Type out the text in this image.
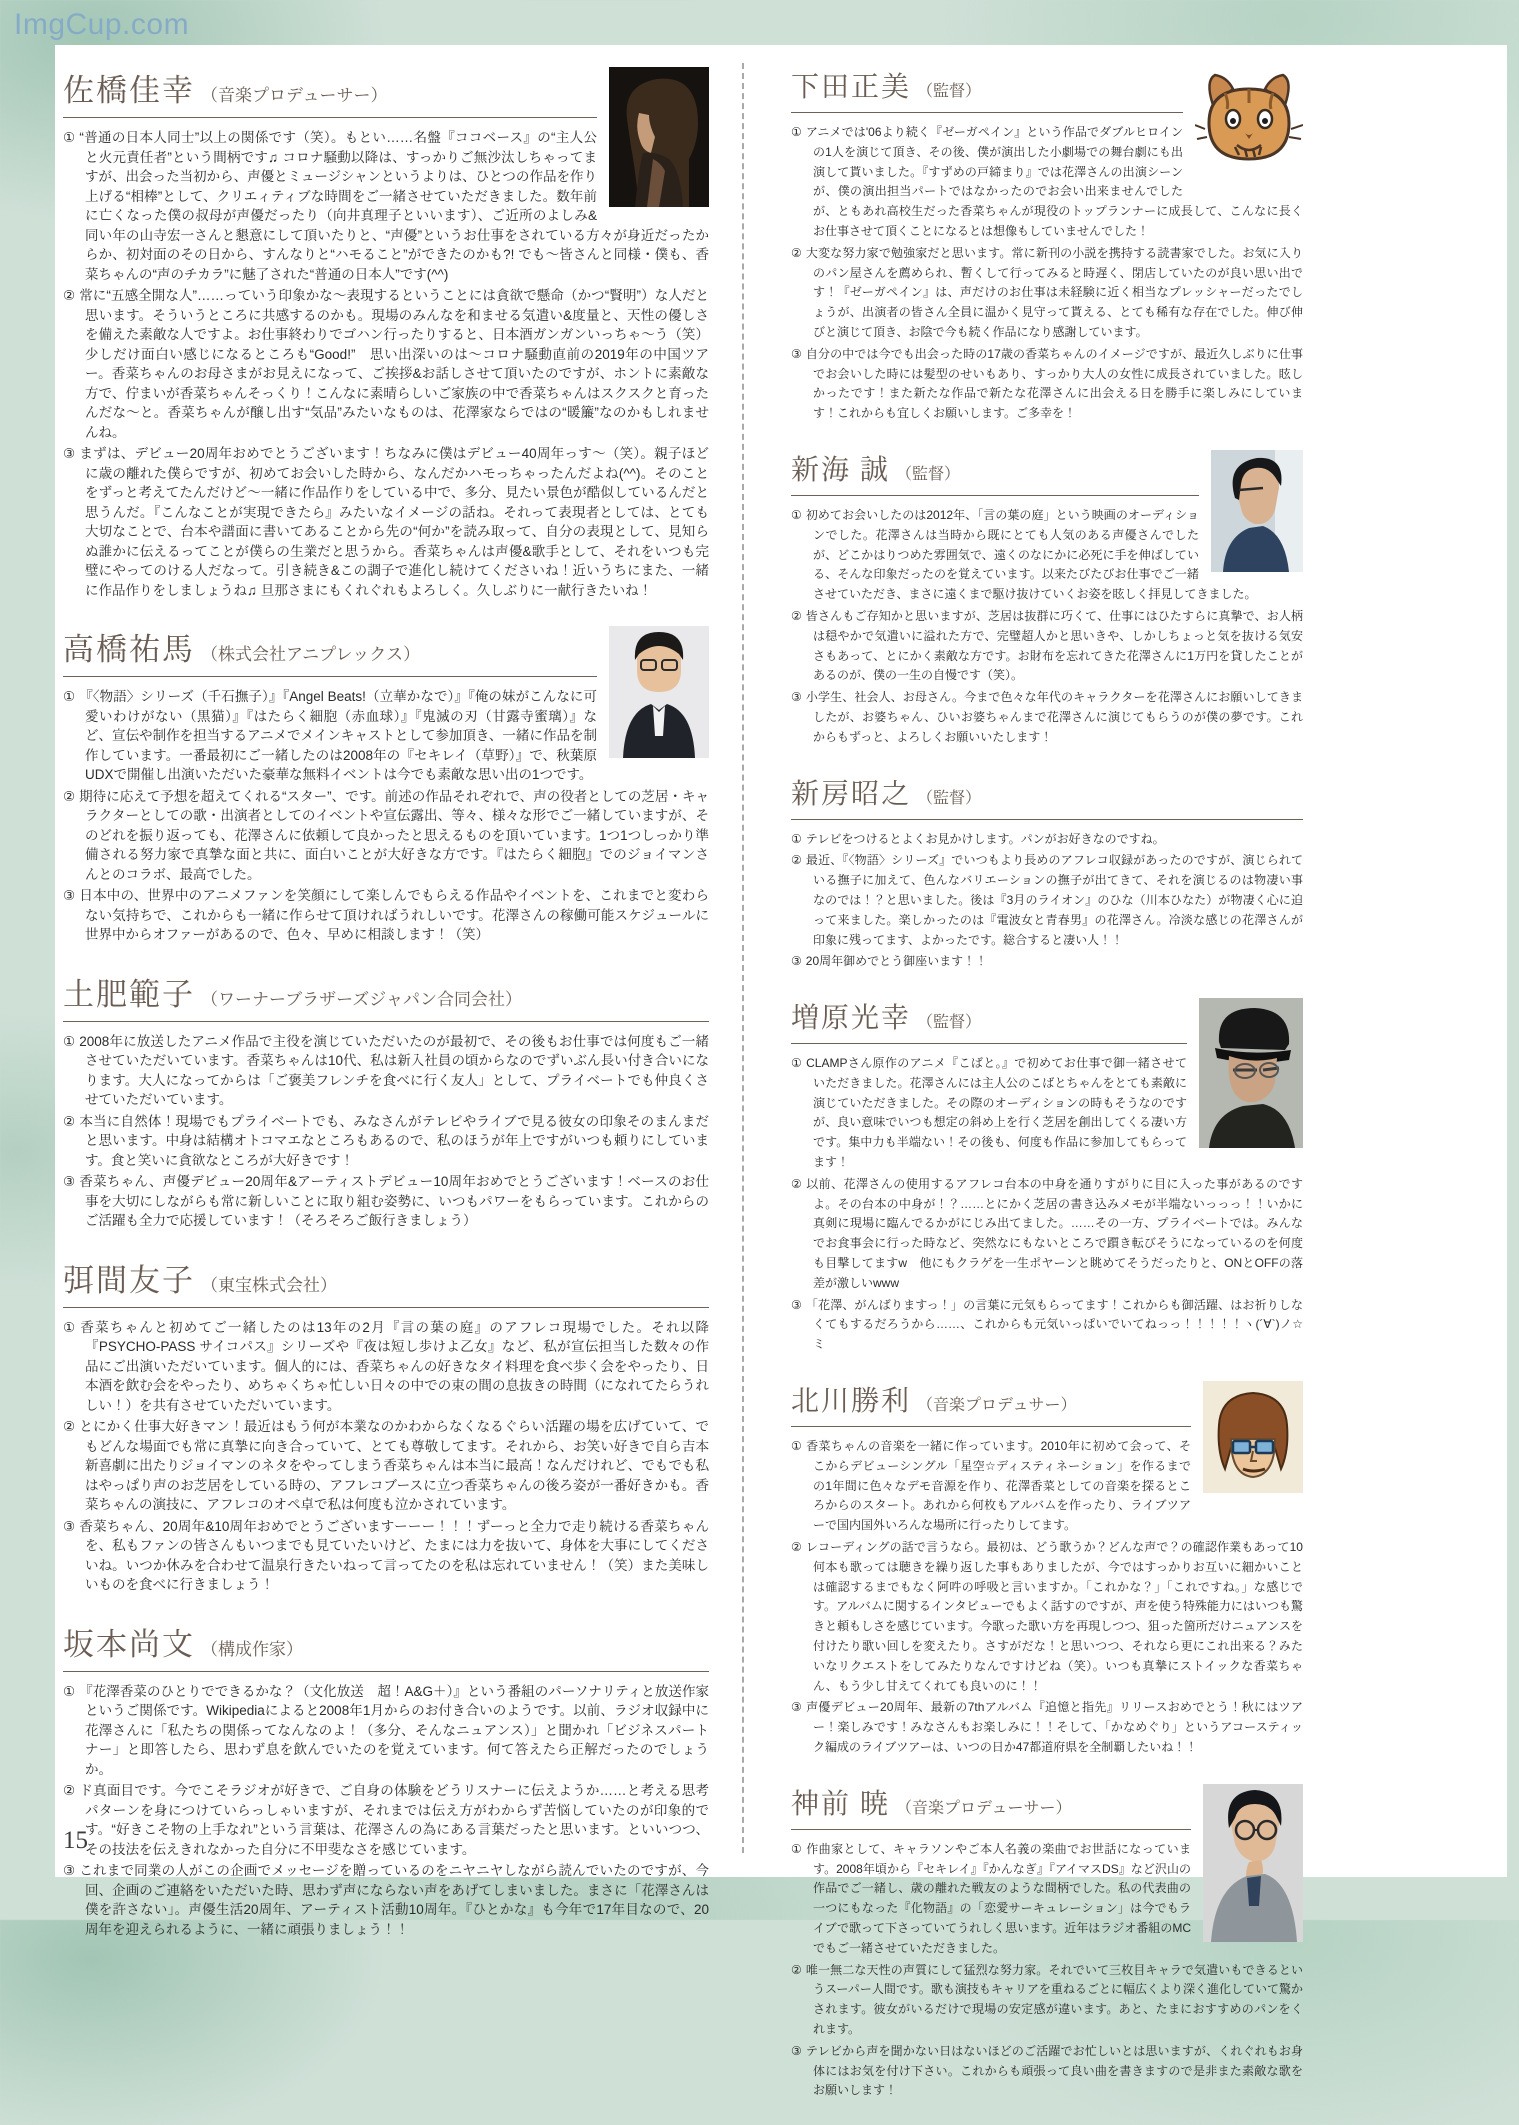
ImgCup.com
佐橋佳幸 （音楽プロデューサー）

① “普通の日本人同士”以上の関係です（笑）。もとい……名盤『ココベース』の“主人公と火元責任者”という間柄です♫ コロナ騒動以降は、すっかりご無沙汰しちゃってますが、出会った当初から、声優とミュージシャンというよりは、ひとつの作品を作り上げる“相棒”として、クリエィティブな時間をご一緒させていただきました。数年前に亡くなった僕の叔母が声優だったり（向井真理子といいます）、ご近所のよしみ&同い年の山寺宏一さんと懇意にして頂いたりと、“声優”というお仕事をされている方々が身近だったからか、初対面のその日から、すんなりと“ハモること”ができたのかも?! でも〜皆さんと同様・僕も、香菜ちゃんの“声のチカラ”に魅了された“普通の日本人”です(^^)

② 常に“五感全開な人”……っていう印象かな〜表現するということには貪欲で懸命（かつ“賢明”）な人だと思います。そういうところに共感するのかも。現場のみんなを和ませる気遣い&度量と、天性の優しさを備えた素敵な人ですよ。お仕事終わりでゴハン行ったりすると、日本酒ガンガンいっちゃ〜う（笑）少しだけ面白い感じになるところも“Good!”　思い出深いのは〜コロナ騒動直前の2019年の中国ツアー。香菜ちゃんのお母さまがお見えになって、ご挨拶&お話しさせて頂いたのですが、ホントに素敵な方で、佇まいが香菜ちゃんそっくり！こんなに素晴らしいご家族の中で香菜ちゃんはスクスクと育ったんだな〜と。香菜ちゃんが醸し出す“気品”みたいなものは、花澤家ならではの“暖簾”なのかもしれませんね。

③ まずは、デビュー20周年おめでとうございます！ちなみに僕はデビュー40周年っす〜（笑）。親子ほどに歳の離れた僕らですが、初めてお会いした時から、なんだかハモっちゃったんだよね(^^)。そのことをずっと考えてたんだけど〜一緒に作品作りをしている中で、多分、見たい景色が酷似しているんだと思うんだ。『こんなことが実現できたら』みたいなイメージの話ね。それって表現者としては、とても大切なことで、台本や譜面に書いてあることから先の“何か”を読み取って、自分の表現として、見知らぬ誰かに伝えるってことが僕らの生業だと思うから。香菜ちゃんは声優&歌手として、それをいつも完璧にやってのける人だなって。引き続き&この調子で進化し続けてくださいね！近いうちにまた、一緒に作品作りをしましょうね♫ 旦那さまにもくれぐれもよろしく。久しぶりに一献行きたいね！

高橋祐馬 （株式会社アニプレックス）

① 『〈物語〉シリーズ（千石撫子）』『Angel Beats!（立華かなで）』『俺の妹がこんなに可愛いわけがない（黒猫）』『はたらく細胞（赤血球）』『鬼滅の刃（甘露寺蜜璃）』など、宣伝や制作を担当するアニメでメインキャストとして参加頂き、一緒に作品を制作しています。一番最初にご一緒したのは2008年の『セキレイ（草野）』で、秋葉原UDXで開催し出演いただいた豪華な無料イベントは今でも素敵な思い出の1つです。

② 期待に応えて予想を超えてくれる“スター”、です。前述の作品それぞれで、声の役者としての芝居・キャラクターとしての歌・出演者としてのイベントや宣伝露出、等々、様々な形でご一緒していますが、そのどれを振り返っても、花澤さんに依頼して良かったと思えるものを頂いています。1つ1つしっかり準備される努力家で真摯な面と共に、面白いことが大好きな方です。『はたらく細胞』でのジョイマンさんとのコラボ、最高でした。

③ 日本中の、世界中のアニメファンを笑顔にして楽しんでもらえる作品やイベントを、これまでと変わらない気持ちで、これからも一緒に作らせて頂ければうれしいです。花澤さんの稼働可能スケジュールに世界中からオファーがあるので、色々、早めに相談します！（笑）

土肥範子 （ワーナーブラザーズジャパン合同会社）

① 2008年に放送したアニメ作品で主役を演じていただいたのが最初で、その後もお仕事では何度もご一緒させていただいています。香菜ちゃんは10代、私は新入社員の頃からなのでずいぶん長い付き合いになります。大人になってからは「ご褒美フレンチを食べに行く友人」として、プライベートでも仲良くさせていただいています。

② 本当に自然体！現場でもプライベートでも、みなさんがテレビやライブで見る彼女の印象そのまんまだと思います。中身は結構オトコマエなところもあるので、私のほうが年上ですがいつも頼りにしています。食と笑いに貪欲なところが大好きです！

③ 香菜ちゃん、声優デビュー20周年&アーティストデビュー10周年おめでとうございます！ベースのお仕事を大切にしながらも常に新しいことに取り組む姿勢に、いつもパワーをもらっています。これからのご活躍も全力で応援しています！（そろそろご飯行きましょう）

弭間友子 （東宝株式会社）

① 香菜ちゃんと初めてご一緒したのは13年の2月『言の葉の庭』のアフレコ現場でした。それ以降『PSYCHO-PASS サイコパス』シリーズや『夜は短し歩けよ乙女』など、私が宣伝担当した数々の作品にご出演いただいています。個人的には、香菜ちゃんの好きなタイ料理を食べ歩く会をやったり、日本酒を飲む会をやったり、めちゃくちゃ忙しい日々の中での束の間の息抜きの時間（になれてたらうれしい！）を共有させていただいています。

② とにかく仕事大好きマン！最近はもう何が本業なのかわからなくなるぐらい活躍の場を広げていて、でもどんな場面でも常に真摯に向き合っていて、とても尊敬してます。それから、お笑い好きで自ら吉本新喜劇に出たりジョイマンのネタをやってしまう香菜ちゃんは本当に最高！なんだけれど、でもでも私はやっぱり声のお芝居をしている時の、アフレコブースに立つ香菜ちゃんの後ろ姿が一番好きかも。香菜ちゃんの演技に、アフレコのオペ卓で私は何度も泣かされています。

③ 香菜ちゃん、20周年&10周年おめでとうございますーーー！！！ずーっと全力で走り続ける香菜ちゃんを、私もファンの皆さんもいつまでも見ていたいけど、たまには力を抜いて、身体を大事にしてくださいね。いつか休みを合わせて温泉行きたいねって言ってたのを私は忘れていません！（笑）また美味しいものを食べに行きましょう！

坂本尚文 （構成作家）

① 『花澤香菜のひとりでできるかな？（文化放送　超！A&G＋）』という番組のパーソナリティと放送作家というご関係です。Wikipediaによると2008年1月からのお付き合いのようです。以前、ラジオ収録中に花澤さんに「私たちの関係ってなんなのよ！（多分、そんなニュアンス）」と聞かれ「ビジネスパートナー」と即答したら、思わず息を飲んでいたのを覚えています。何て答えたら正解だったのでしょうか。

② ド真面目です。今でこそラジオが好きで、ご自身の体験をどうリスナーに伝えようか……と考える思考パターンを身につけていらっしゃいますが、それまでは伝え方がわからず苦悩していたのが印象的です。“好きこそ物の上手なれ”という言葉は、花澤さんの為にある言葉だったと思います。といいつつ、その技法を伝えきれなかった自分に不甲斐なさを感じています。

③ これまで同業の人がこの企画でメッセージを贈っているのをニヤニヤしながら読んでいたのですが、今回、企画のご連絡をいただいた時、思わず声にならない声をあげてしまいました。まさに「花澤さんは僕を許さない」。声優生活20周年、アーティスト活動10周年。『ひとかな』も今年で17年目なので、20周年を迎えられるように、一緒に頑張りましょう！！

下田正美 （監督）

① アニメでは'06より続く『ゼーガペイン』という作品でダブルヒロインの1人を演じて頂き、その後、僕が演出した小劇場での舞台劇にも出演して貰いました。『すずめの戸締まり』では花澤さんの出演シーンが、僕の演出担当パートではなかったのでお会い出来ませんでしたが、ともあれ高校生だった香菜ちゃんが現役のトップランナーに成長して、こんなに長くお仕事させて頂くことになるとは想像もしていませんでした！

② 大変な努力家で勉強家だと思います。常に新刊の小説を携持する読書家でした。お気に入りのパン屋さんを薦められ、暫くして行ってみると時遅く、閉店していたのが良い思い出です！『ゼーガペイン』は、声だけのお仕事は未経験に近く相当なプレッシャーだったでしょうが、出演者の皆さん全員に温かく見守って貰える、とても稀有な存在でした。伸び伸びと演じて頂き、お陰で今も続く作品になり感謝しています。

③ 自分の中では今でも出会った時の17歳の香菜ちゃんのイメージですが、最近久しぶりに仕事でお会いした時には髪型のせいもあり、すっかり大人の女性に成長されていました。眩しかったです！また新たな作品で新たな花澤さんに出会える日を勝手に楽しみにしています！これからも宜しくお願いします。ご多幸を！

新海 誠 （監督）

① 初めてお会いしたのは2012年、「言の葉の庭」という映画のオーディションでした。花澤さんは当時から既にとても人気のある声優さんでしたが、どこかはりつめた雰囲気で、遠くのなにかに必死に手を伸ばしている、そんな印象だったのを覚えています。以来たびたびお仕事でご一緒させていただき、まさに遠くまで駆け抜けていくお姿を眩しく拝見してきました。

② 皆さんもご存知かと思いますが、芝居は抜群に巧くて、仕事にはひたすらに真摯で、お人柄は穏やかで気遣いに溢れた方で、完璧超人かと思いきや、しかしちょっと気を抜ける気安さもあって、とにかく素敵な方です。お財布を忘れてきた花澤さんに1万円を貸したことがあるのが、僕の一生の自慢です（笑）。

③ 小学生、社会人、お母さん。今まで色々な年代のキャラクターを花澤さんにお願いしてきましたが、お婆ちゃん、ひいお婆ちゃんまで花澤さんに演じてもらうのが僕の夢です。これからもずっと、よろしくお願いいたします！

新房昭之 （監督）

① テレビをつけるとよくお見かけします。パンがお好きなのですね。

② 最近、『〈物語〉シリーズ』でいつもより長めのアフレコ収録があったのですが、演じられている撫子に加えて、色んなバリエーションの撫子が出てきて、それを演じるのは物凄い事なのでは！？と思いました。後は『3月のライオン』のひな（川本ひなた）が物凄く心に迫って来ました。楽しかったのは『電波女と青春男』の花澤さん。冷淡な感じの花澤さんが印象に残ってます、よかったです。総合すると凄い人！！

③ 20周年御めでとう御座います！！

増原光幸 （監督）

① CLAMPさん原作のアニメ『こばと。』で初めてお仕事で御一緒させていただきました。花澤さんには主人公のこばとちゃんをとても素敵に演じていただきました。その際のオーディションの時もそうなのですが、良い意味でいつも想定の斜め上を行く芝居を創出してくる凄い方です。集中力も半端ない！その後も、何度も作品に参加してもらってます！

② 以前、花澤さんの使用するアフレコ台本の中身を通りすがりに目に入った事があるのですよ。その台本の中身が！？……とにかく芝居の書き込みメモが半端ないっっっ！！いかに真剣に現場に臨んでるかがにじみ出てました。……その一方、プライベートでは。みんなでお食事会に行った時など、突然なにもないところで躓き転びそうになっているのを何度も目撃してますw　他にもクラゲを一生ポヤーンと眺めてそうだったりと、ONとOFFの落差が激しいwww

③ 「花澤、がんばりますっ！」の言葉に元気もらってます！これからも御活躍、はお祈りしなくてもするだろうから……、これからも元気いっぱいでいてねっっ！！！！！ヽ(´∀`)ノ☆ミ

北川勝利 （音楽プロデュサー）

① 香菜ちゃんの音楽を一緒に作っています。2010年に初めて会って、そこからデビューシングル「星空☆ディスティネーション」を作るまでの1年間に色々なデモ音源を作り、花澤香菜としての音楽を探るところからのスタート。あれから何枚もアルバムを作ったり、ライブツアーで国内国外いろんな場所に行ったりしてます。

② レコーディングの話で言うなら。最初は、どう歌うか？どんな声で？の確認作業もあって10何本も歌っては聴きを繰り返した事もありましたが、今ではすっかりお互いに細かいことは確認するまでもなく阿吽の呼吸と言いますか。「これかな？」「これですね。」な感じです。アルバムに関するインタビューでもよく話すのですが、声を使う特殊能力にはいつも驚きと頼もしさを感じています。今歌った歌い方を再現しつつ、狙った箇所だけニュアンスを付けたり歌い回しを変えたり。さすがだな！と思いつつ、それなら更にこれ出来る？みたいなリクエストをしてみたりなんですけどね（笑）。いつも真摯にストイックな香菜ちゃん、もう少し甘えてくれても良いのに！！

③ 声優デビュー20周年、最新の7thアルバム『追憶と指先』リリースおめでとう！秋にはツアー！楽しみです！みなさんもお楽しみに！！そして、「かなめぐり」というアコースティック編成のライブツアーは、いつの日か47都道府県を全制覇したいね！！

神前 暁 （音楽プロデューサー）

① 作曲家として、キャラソンやご本人名義の楽曲でお世話になっています。2008年頃から『セキレイ』『かんなぎ』『アイマスDS』など沢山の作品でご一緒し、歳の離れた戦友のような間柄でした。私の代表曲の一つにもなった『化物語』の「恋愛サーキュレーション」は今でもライブで歌って下さっていてうれしく思います。近年はラジオ番組のMCでもご一緒させていただきました。

② 唯一無二な天性の声質にして猛烈な努力家。それでいて三枚目キャラで気遣いもできるというスーパー人間です。歌も演技もキャリアを重ねるごとに幅広くより深く進化していて驚かされます。彼女がいるだけで現場の安定感が違います。あと、たまにおすすめのパンをくれます。

③ テレビから声を聞かない日はないほどのご活躍でお忙しいとは思いますが、くれぐれもお身体にはお気を付け下さい。これからも頑張って良い曲を書きますので是非また素敵な歌をお願いします！

15
